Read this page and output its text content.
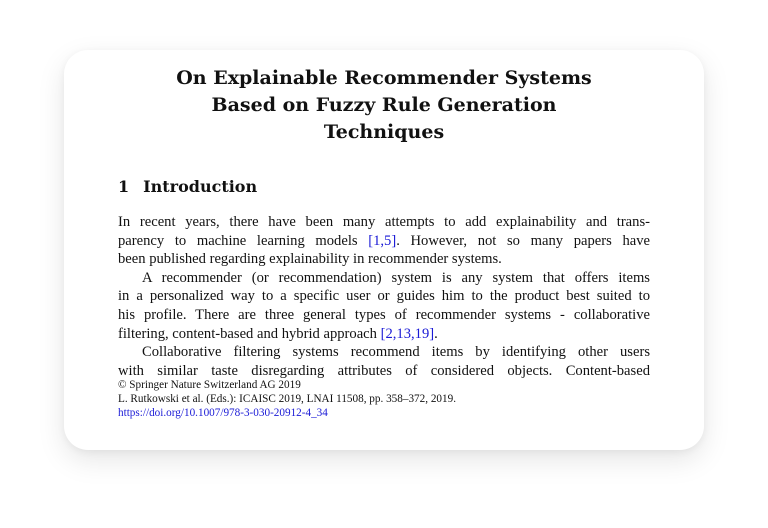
On Explainable Recommender Systems
Based on Fuzzy Rule Generation
Techniques
1 Introduction
In recent years, there have been many attempts to add explainability and trans-
parency to machine learning models [1,5]. However, not so many papers have
been published regarding explainability in recommender systems.
A recommender (or recommendation) system is any system that offers items
in a personalized way to a specific user or guides him to the product best suited to
his profile. There are three general types of recommender systems - collaborative
filtering, content-based and hybrid approach [2,13,19].
Collaborative filtering systems recommend items by identifying other users
with similar taste disregarding attributes of considered objects. Content-based
© Springer Nature Switzerland AG 2019
L. Rutkowski et al. (Eds.): ICAISC 2019, LNAI 11508, pp. 358–372, 2019.
https://doi.org/10.1007/978-3-030-20912-4_34
